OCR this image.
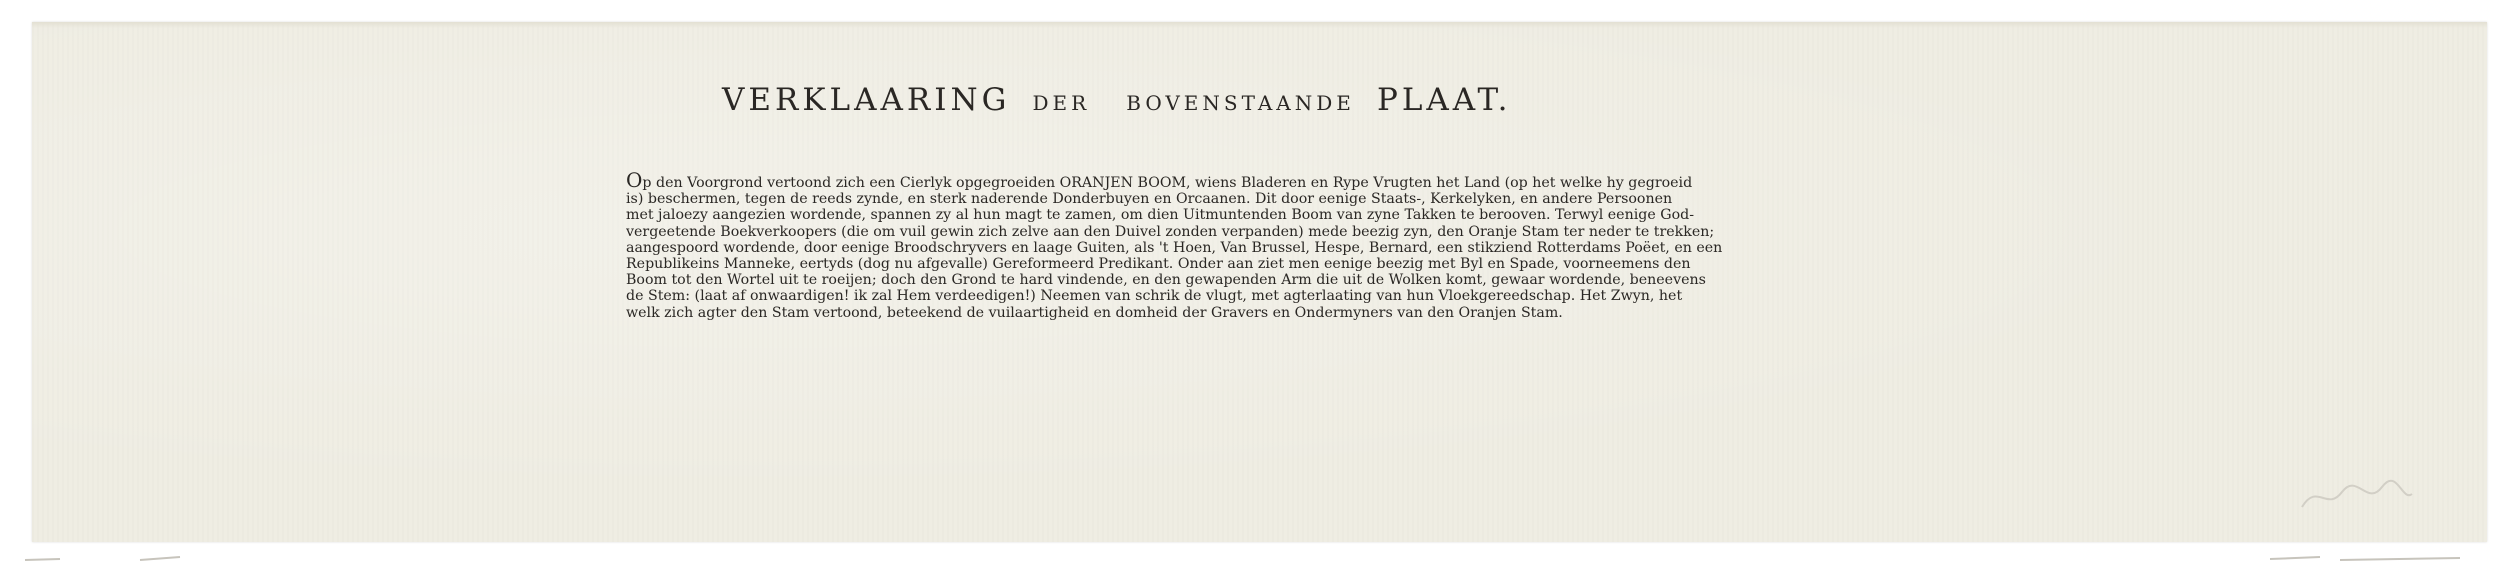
VERKLAARING DER BOVENSTAANDE PLAAT.
Op den Voorgrond vertoond zich een Cierlyk opgegroeiden ORANJEN BOOM, wiens Bladeren en Rype Vrugten het Land (op het welke hy gegroeid
is) beschermen, tegen de reeds zynde, en sterk naderende Donderbuyen en Orcaanen. Dit door eenige Staats-, Kerkelyken, en andere Persoonen
met jaloezy aangezien wordende, spannen zy al hun magt te zamen, om dien Uitmuntenden Boom van zyne Takken te berooven. Terwyl eenige God-
vergeetende Boekverkoopers (die om vuil gewin zich zelve aan den Duivel zonden verpanden) mede beezig zyn, den Oranje Stam ter neder te trekken;
aangespoord wordende, door eenige Broodschryvers en laage Guiten, als 't Hoen, Van Brussel, Hespe, Bernard, een stikziend Rotterdams Poëet, en een
Republikeins Manneke, eertyds (dog nu afgevalle) Gereformeerd Predikant. Onder aan ziet men eenige beezig met Byl en Spade, voorneemens den
Boom tot den Wortel uit te roeijen; doch den Grond te hard vindende, en den gewapenden Arm die uit de Wolken komt, gewaar wordende, beneevens
de Stem: (laat af onwaardigen! ik zal Hem verdeedigen!) Neemen van schrik de vlugt, met agterlaating van hun Vloekgereedschap. Het Zwyn, het
welk zich agter den Stam vertoond, beteekend de vuilaartigheid en domheid der Gravers en Ondermyners van den Oranjen Stam.
